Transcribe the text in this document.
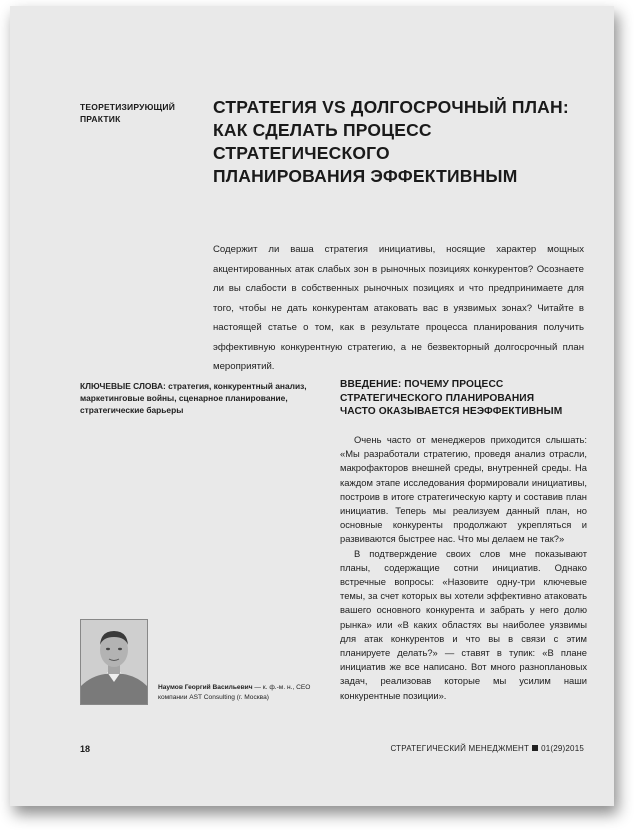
ТЕОРЕТИЗИРУЮЩИЙ
ПРАКТИК
СТРАТЕГИЯ VS ДОЛГОСРОЧНЫЙ ПЛАН:
КАК СДЕЛАТЬ ПРОЦЕСС СТРАТЕГИЧЕСКОГО
ПЛАНИРОВАНИЯ ЭФФЕКТИВНЫМ
Содержит ли ваша стратегия инициативы, носящие характер мощных акцентированных атак слабых зон в рыночных позициях конкурентов? Осознаете ли вы слабости в собственных рыночных позициях и что предпринимаете для того, чтобы не дать конкурентам атаковать вас в уязвимых зонах? Читайте в настоящей статье о том, как в результате процесса планирования получить эффективную конкурентную стратегию, а не безвекторный долгосрочный план мероприятий.
КЛЮЧЕВЫЕ СЛОВА: стратегия, конкурентный анализ, маркетинговые войны, сценарное планирование, стратегические барьеры
ВВЕДЕНИЕ: ПОЧЕМУ ПРОЦЕСС
СТРАТЕГИЧЕСКОГО ПЛАНИРОВАНИЯ
ЧАСТО ОКАЗЫВАЕТСЯ НЕЭФФЕКТИВНЫМ

Очень часто от менеджеров приходится слышать: «Мы разработали стратегию, проведя анализ отрасли, макрофакторов внешней среды, внутренней среды. На каждом этапе исследования формировали инициативы, построив в итоге стратегическую карту и составив план инициатив. Теперь мы реализуем данный план, но основные конкуренты продолжают укрепляться и развиваются быстрее нас. Что мы делаем не так?»

В подтверждение своих слов мне показывают планы, содержащие сотни инициатив. Однако встречные вопросы: «Назовите одну-три ключевые темы, за счет которых вы хотели эффективно атаковать вашего основного конкурента и забрать у него долю рынка» или «В каких областях вы наиболее уязвимы для атак конкурентов и что вы в связи с этим планируете делать?» — ставят в тупик: «В плане инициатив же все написано. Вот много разноплановых задач, реализовав которые мы усилим наши конкурентные позиции».

Наумов Георгий Васильевич — к. ф.-м. н., CEO компании AST Consulting (г. Москва)
18	СТРАТЕГИЧЕСКИЙ МЕНЕДЖМЕНТ 01(29)2015
